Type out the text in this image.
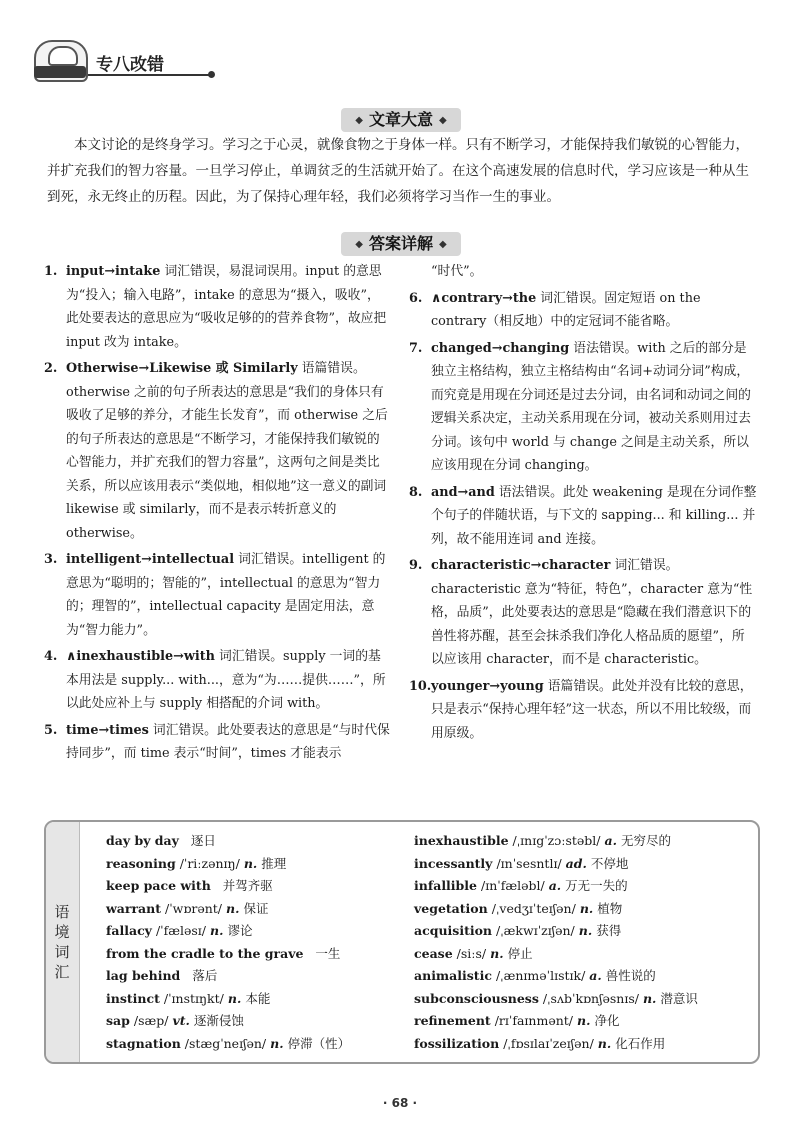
专八改错
◆ 文章大意 ◆
本文讨论的是终身学习。学习之于心灵，就像食物之于身体一样。只有不断学习，才能保持我们敏锐的心智能力，并扩充我们的智力容量。一旦学习停止，单调贫乏的生活就开始了。在这个高速发展的信息时代，学习应该是一种从生到死，永无终止的历程。因此，为了保持心理年轻，我们必须将学习当作一生的事业。
◆ 答案详解 ◆
1. input→intake 词汇错误，易混词误用。input 的意思为“投入；输入电路”，intake 的意思为“摄入，吸收”，此处要表达的意思应为“吸收足够的的营养食物”，故应把 input 改为 intake。
2. Otherwise→Likewise 或 Similarly 语篇错误。otherwise 之前的句子所表达的意思是“我们的身体只有吸收了足够的养分，才能生长发育”，而 otherwise 之后的句子所表达的意思是“不断学习，才能保持我们敏锐的心智能力，并扩充我们的智力容量”，这两句之间是类比关系，所以应该用表示“类似地，相似地”这一意义的副词 likewise 或 similarly，而不是表示转折意义的 otherwise。
3. intelligent→intellectual 词汇错误。intelligent 的意思为“聪明的；智能的”，intellectual 的意思为“智力的；理智的”，intellectual capacity 是固定用法，意为“智力能力”。
4. ∧inexhaustible→with 词汇错误。supply 一词的基本用法是 supply... with...，意为“为……提供……”，所以此处应补上与 supply 相搭配的介词 with。
5. time→times 词汇错误。此处要表达的意思是“与时代保持同步”，而 time 表示“时间”，times 才能表示
“时代”。
6. ∧contrary→the 词汇错误。固定短语 on the contrary（相反地）中的定冠词不能省略。
7. changed→changing 语法错误。with 之后的部分是独立主格结构，独立主格结构由“名词+动词分词”构成，而究竟是用现在分词还是过去分词，由名词和动词之间的逻辑关系决定，主动关系用现在分词，被动关系则用过去分词。该句中 world 与 change 之间是主动关系，所以应该用现在分词 changing。
8. and→and 语法错误。此处 weakening 是现在分词作整个句子的伴随状语，与下文的 sapping... 和 killing... 并列，故不能用连词 and 连接。
9. characteristic→character 词汇错误。characteristic 意为“特征，特色”，character 意为“性格，品质”，此处要表达的意思是“隐藏在我们潜意识下的兽性将苏醒，甚至会抹杀我们净化人格品质的愿望”，所以应该用 character，而不是 characteristic。
10. younger→young 语篇错误。此处并没有比较的意思，只是表示“保持心理年轻”这一状态，所以不用比较级，而用原级。
语
境
词
汇
day by day 逐日
reasoning /ˈriːzənɪŋ/ n. 推理
keep pace with 并驾齐驱
warrant /ˈwɒrənt/ n. 保证
fallacy /ˈfæləsɪ/ n. 谬论
from the cradle to the grave 一生
lag behind 落后
instinct /ˈɪnstɪŋkt/ n. 本能
sap /sæp/ vt. 逐渐侵蚀
stagnation /stægˈneɪʃən/ n. 停滞（性）
inexhaustible /ˌɪnɪgˈzɔːstəbl/ a. 无穷尽的
incessantly /ɪnˈsesntlɪ/ ad. 不停地
infallible /ɪnˈfæləbl/ a. 万无一失的
vegetation /ˌvedʒɪˈteɪʃən/ n. 植物
acquisition /ˌækwɪˈzɪʃən/ n. 获得
cease /siːs/ n. 停止
animalistic /ˌænɪməˈlɪstɪk/ a. 兽性说的
subconsciousness /ˌsʌbˈkɒnʃəsnɪs/ n. 潜意识
refinement /rɪˈfaɪnmənt/ n. 净化
fossilization /ˌfɒsɪlaɪˈzeɪʃən/ n. 化石作用
· 68 ·
